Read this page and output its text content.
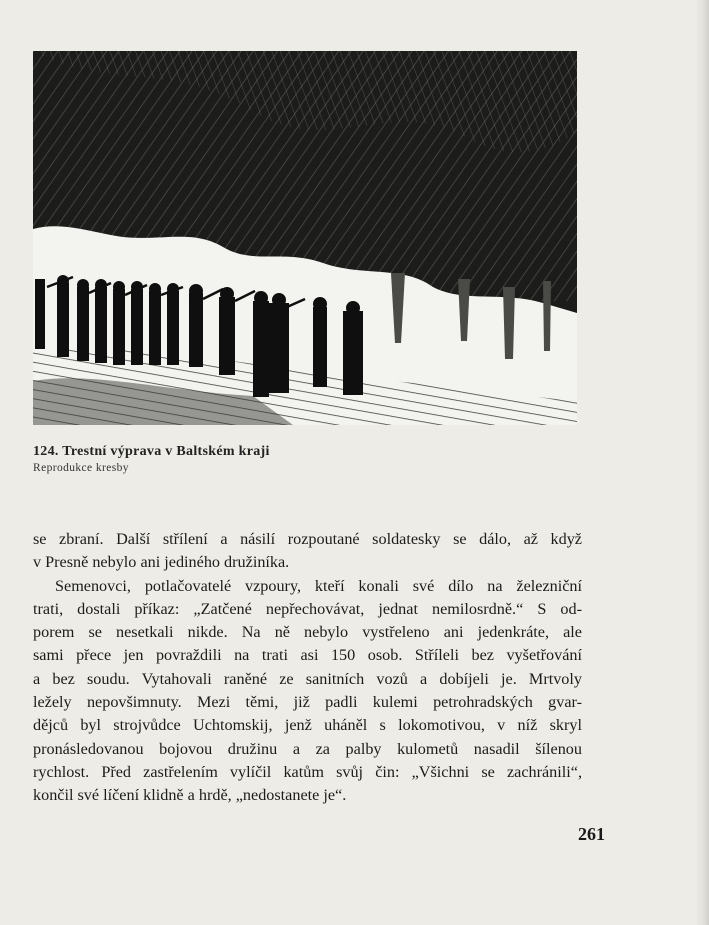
124. Trestní výprava v Baltském kraji

Reprodukce kresby

se zbraní. Další střílení a násilí rozpoutané soldatesky se dálo, až když
v Presně nebylo ani jediného družiníka.
Semenovci, potlačovatelé vzpoury, kteří konali své dílo na železniční
trati, dostali příkaz: „Zatčené nepřechovávat, jednat nemilosrdně.“ S od-
porem se nesetkali nikde. Na ně nebylo vystřeleno ani jedenkráte, ale
sami přece jen povraždili na trati asi 150 osob. Stříleli bez vyšetřování
a bez soudu. Vytahovali raněné ze sanitních vozů a dobíjeli je. Mrtvoly
ležely nepovšimnuty. Mezi těmi, již padli kulemi petrohradských gvar-
dějců byl strojvůdce Uchtomskij, jenž uháněl s lokomotivou, v níž skryl
pronásledovanou bojovou družinu a za palby kulometů nasadil šílenou
rychlost. Před zastřelením vylíčil katům svůj čin: „Všichni se zachránili“,
končil své líčení klidně a hrdě, „nedostanete je“.

261
